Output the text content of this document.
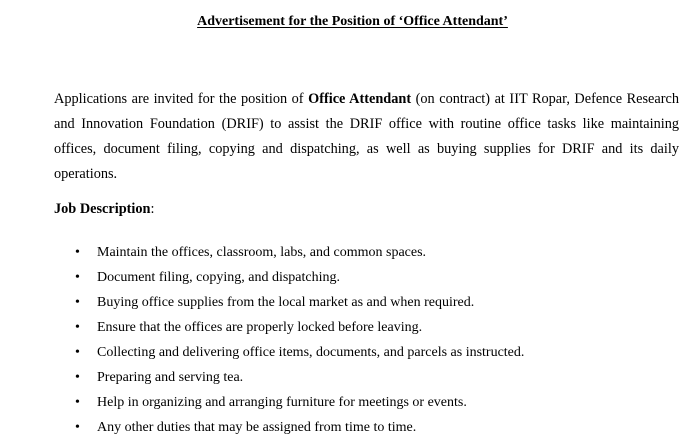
Advertisement for the Position of ‘Office Attendant’
Applications are invited for the position of Office Attendant (on contract) at IIT Ropar, Defence Research and Innovation Foundation (DRIF) to assist the DRIF office with routine office tasks like maintaining offices, document filing, copying and dispatching, as well as buying supplies for DRIF and its daily operations.
Job Description:
• Maintain the offices, classroom, labs, and common spaces.
• Document filing, copying, and dispatching.
• Buying office supplies from the local market as and when required.
• Ensure that the offices are properly locked before leaving.
• Collecting and delivering office items, documents, and parcels as instructed.
• Preparing and serving tea.
• Help in organizing and arranging furniture for meetings or events.
• Any other duties that may be assigned from time to time.
